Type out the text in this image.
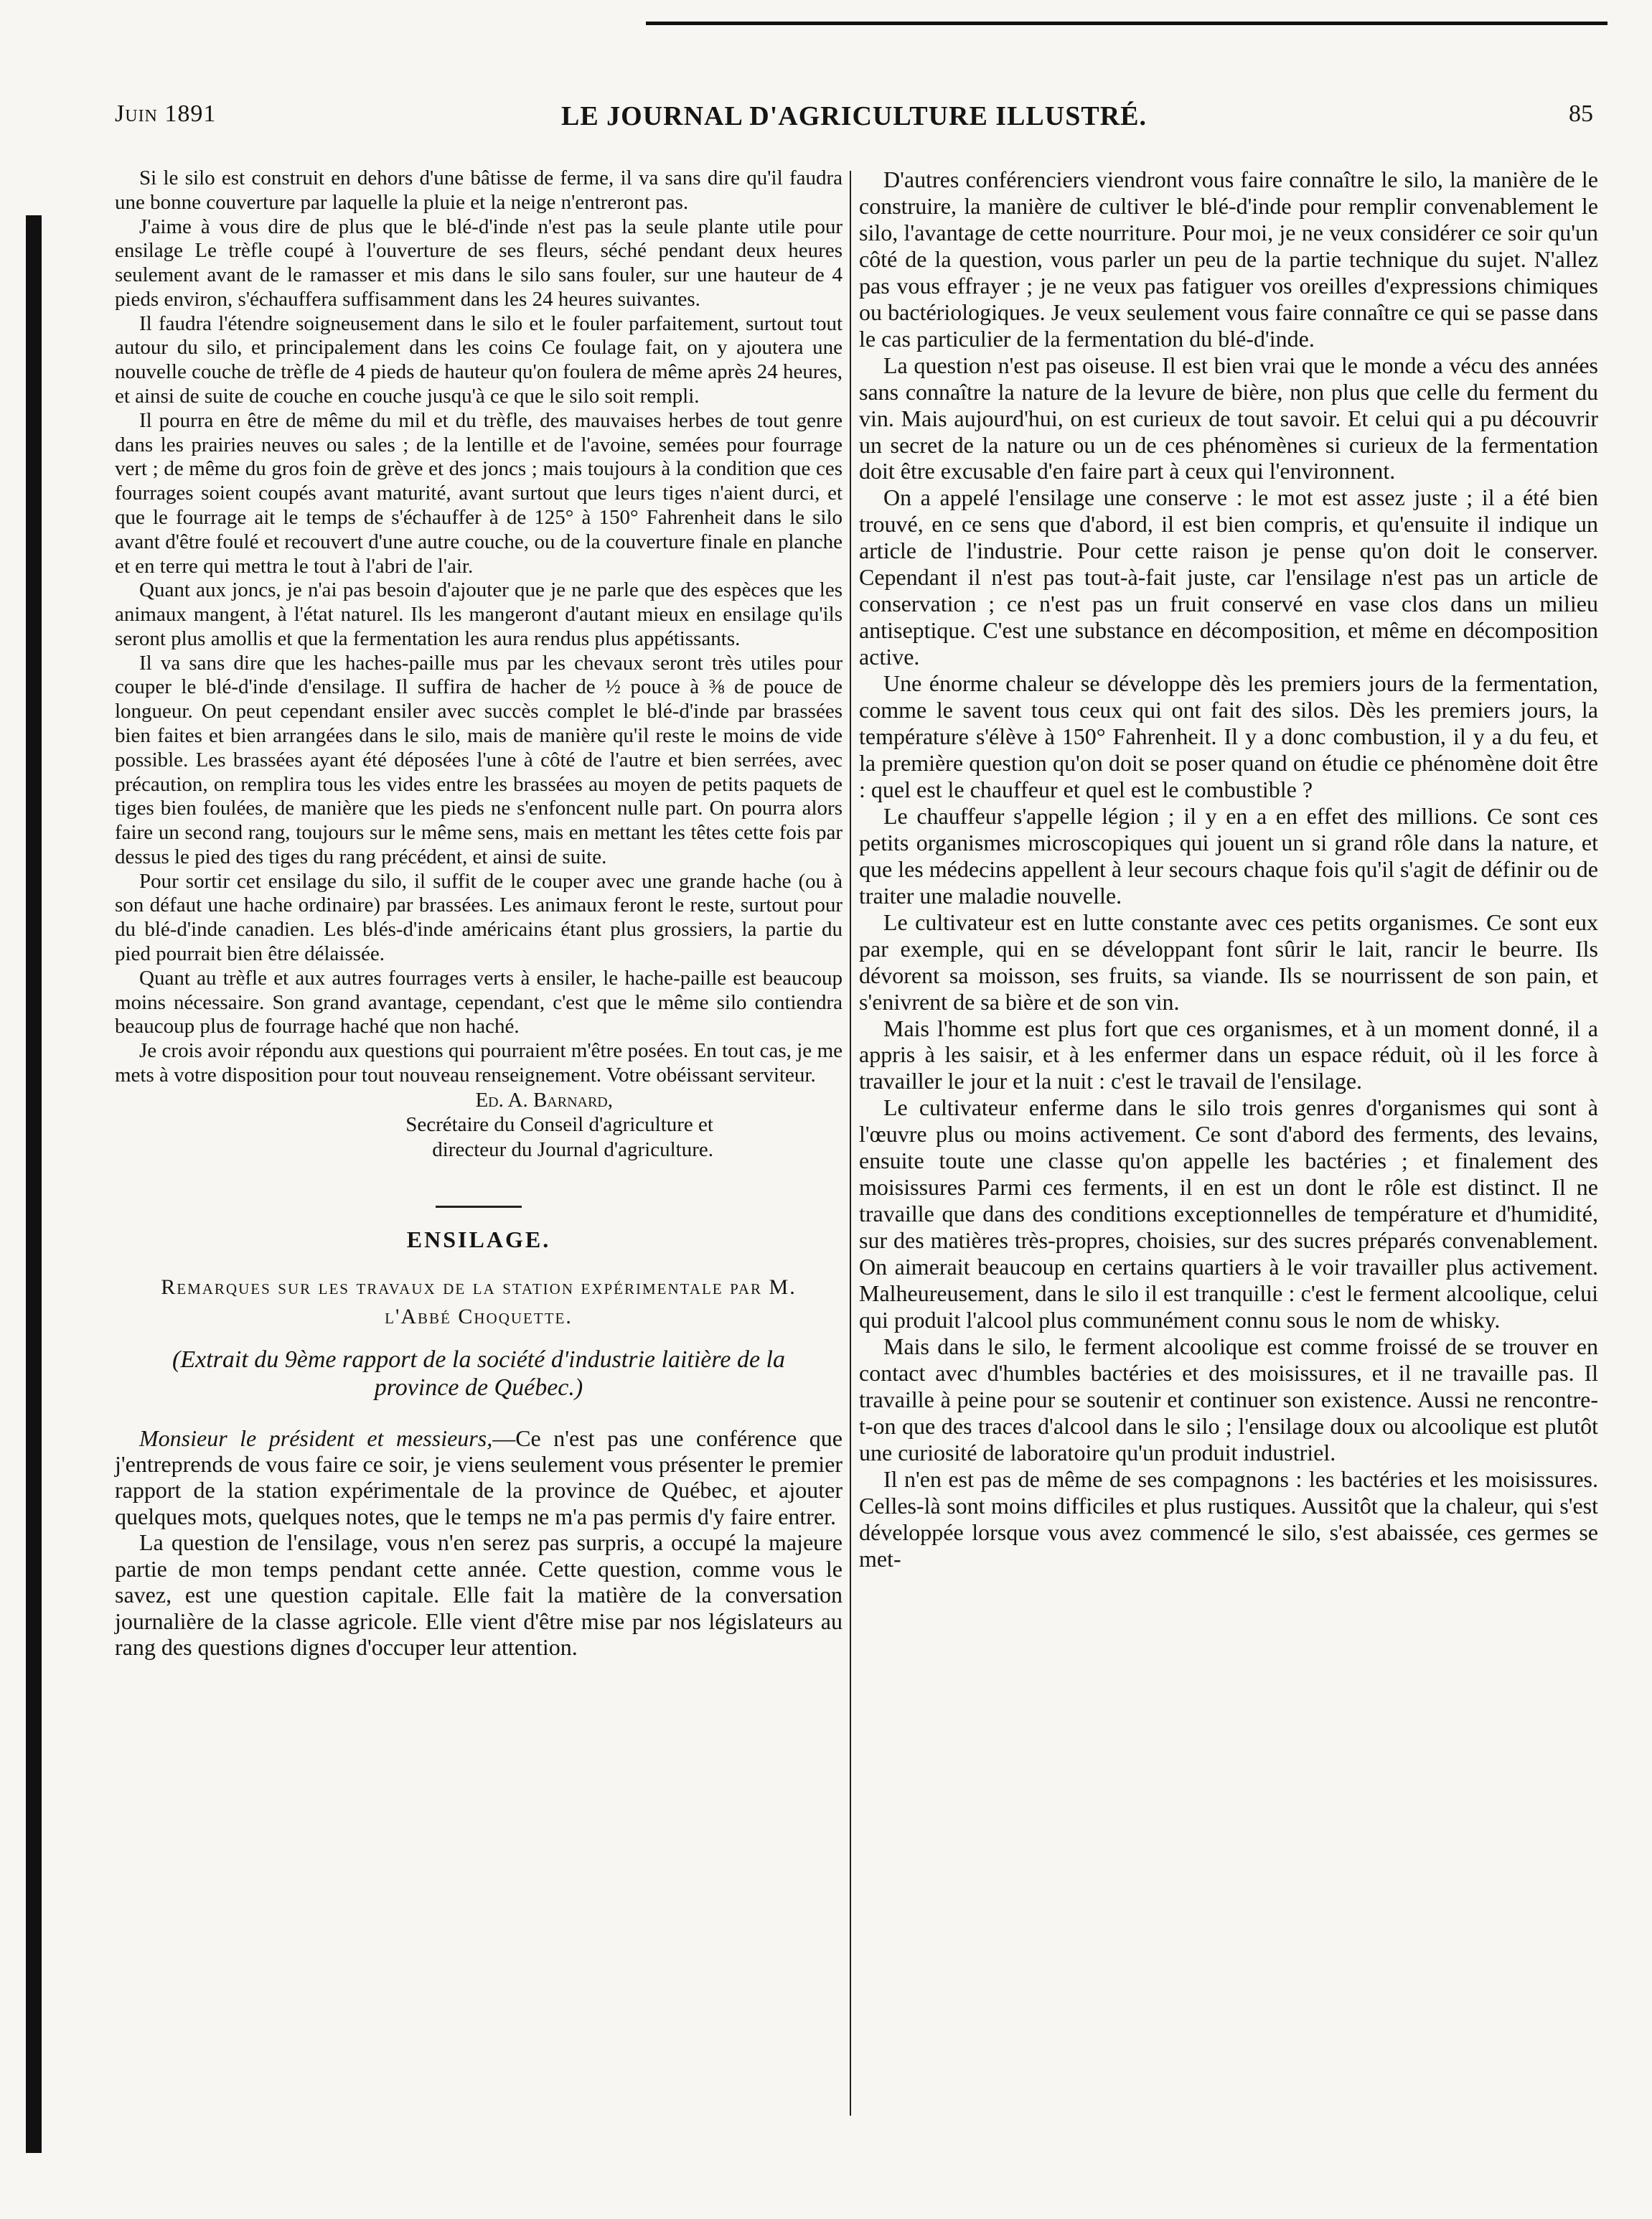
Juin 1891	LE JOURNAL D'AGRICULTURE ILLUSTRÉ.	85

Si le silo est construit en dehors d'une bâtisse de ferme, il va sans dire qu'il faudra une bonne couverture par laquelle la pluie et la neige n'entreront pas.

J'aime à vous dire de plus que le blé-d'inde n'est pas la seule plante utile pour ensilage Le trèfle coupé à l'ouverture de ses fleurs, séché pendant deux heures seulement avant de le ramasser et mis dans le silo sans fouler, sur une hauteur de 4 pieds environ, s'échauffera suffisamment dans les 24 heures suivantes.

Il faudra l'étendre soigneusement dans le silo et le fouler parfaitement, surtout tout autour du silo, et principalement dans les coins Ce foulage fait, on y ajoutera une nouvelle couche de trèfle de 4 pieds de hauteur qu'on foulera de même après 24 heures, et ainsi de suite de couche en couche jusqu'à ce que le silo soit rempli.

Il pourra en être de même du mil et du trèfle, des mauvaises herbes de tout genre dans les prairies neuves ou sales ; de la lentille et de l'avoine, semées pour fourrage vert ; de même du gros foin de grève et des joncs ; mais toujours à la condition que ces fourrages soient coupés avant maturité, avant surtout que leurs tiges n'aient durci, et que le fourrage ait le temps de s'échauffer à de 125° à 150° Fahrenheit dans le silo avant d'être foulé et recouvert d'une autre couche, ou de la couverture finale en planche et en terre qui mettra le tout à l'abri de l'air.

Quant aux joncs, je n'ai pas besoin d'ajouter que je ne parle que des espèces que les animaux mangent, à l'état naturel. Ils les mangeront d'autant mieux en ensilage qu'ils seront plus amollis et que la fermentation les aura rendus plus appétissants.

Il va sans dire que les haches-paille mus par les chevaux seront très utiles pour couper le blé-d'inde d'ensilage. Il suffira de hacher de ½ pouce à ⅜ de pouce de longueur. On peut cependant ensiler avec succès complet le blé-d'inde par brassées bien faites et bien arrangées dans le silo, mais de manière qu'il reste le moins de vide possible. Les brassées ayant été déposées l'une à côté de l'autre et bien serrées, avec précaution, on remplira tous les vides entre les brassées au moyen de petits paquets de tiges bien foulées, de manière que les pieds ne s'enfoncent nulle part. On pourra alors faire un second rang, toujours sur le même sens, mais en mettant les têtes cette fois par dessus le pied des tiges du rang précédent, et ainsi de suite.

Pour sortir cet ensilage du silo, il suffit de le couper avec une grande hache (ou à son défaut une hache ordinaire) par brassées. Les animaux feront le reste, surtout pour du blé-d'inde canadien. Les blés-d'inde américains étant plus grossiers, la partie du pied pourrait bien être délaissée.

Quant au trèfle et aux autres fourrages verts à ensiler, le hache-paille est beaucoup moins nécessaire. Son grand avantage, cependant, c'est que le même silo contiendra beaucoup plus de fourrage haché que non haché.

Je crois avoir répondu aux questions qui pourraient m'être posées. En tout cas, je me mets à votre disposition pour tout nouveau renseignement. Votre obéissant serviteur.

Ed. A. Barnard,
Secrétaire du Conseil d'agriculture et
directeur du Journal d'agriculture.
ENSILAGE.
Remarques sur les travaux de la station expérimentale par M. l'Abbé Choquette.
(Extrait du 9ème rapport de la société d'industrie laitière de la province de Québec.)

Monsieur le président et messieurs,—Ce n'est pas une conférence que j'entreprends de vous faire ce soir, je viens seulement vous présenter le premier rapport de la station expérimentale de la province de Québec, et ajouter quelques mots, quelques notes, que le temps ne m'a pas permis d'y faire entrer.

La question de l'ensilage, vous n'en serez pas surpris, a occupé la majeure partie de mon temps pendant cette année. Cette question, comme vous le savez, est une question capitale. Elle fait la matière de la conversation journalière de la classe agricole. Elle vient d'être mise par nos législateurs au rang des questions dignes d'occuper leur attention.

D'autres conférenciers viendront vous faire connaître le silo, la manière de le construire, la manière de cultiver le blé-d'inde pour remplir convenablement le silo, l'avantage de cette nourriture. Pour moi, je ne veux considérer ce soir qu'un côté de la question, vous parler un peu de la partie technique du sujet. N'allez pas vous effrayer ; je ne veux pas fatiguer vos oreilles d'expressions chimiques ou bactériologiques. Je veux seulement vous faire connaître ce qui se passe dans le cas particulier de la fermentation du blé-d'inde.

La question n'est pas oiseuse. Il est bien vrai que le monde a vécu des années sans connaître la nature de la levure de bière, non plus que celle du ferment du vin. Mais aujourd'hui, on est curieux de tout savoir. Et celui qui a pu découvrir un secret de la nature ou un de ces phénomènes si curieux de la fermentation doit être excusable d'en faire part à ceux qui l'environnent.

On a appelé l'ensilage une conserve : le mot est assez juste ; il a été bien trouvé, en ce sens que d'abord, il est bien compris, et qu'ensuite il indique un article de l'industrie. Pour cette raison je pense qu'on doit le conserver. Cependant il n'est pas tout-à-fait juste, car l'ensilage n'est pas un article de conservation ; ce n'est pas un fruit conservé en vase clos dans un milieu antiseptique. C'est une substance en décomposition, et même en décomposition active.

Une énorme chaleur se développe dès les premiers jours de la fermentation, comme le savent tous ceux qui ont fait des silos. Dès les premiers jours, la température s'élève à 150° Fahrenheit. Il y a donc combustion, il y a du feu, et la première question qu'on doit se poser quand on étudie ce phénomène doit être : quel est le chauffeur et quel est le combustible ?

Le chauffeur s'appelle légion ; il y en a en effet des millions. Ce sont ces petits organismes microscopiques qui jouent un si grand rôle dans la nature, et que les médecins appellent à leur secours chaque fois qu'il s'agit de définir ou de traiter une maladie nouvelle.

Le cultivateur est en lutte constante avec ces petits organismes. Ce sont eux par exemple, qui en se développant font sûrir le lait, rancir le beurre. Ils dévorent sa moisson, ses fruits, sa viande. Ils se nourrissent de son pain, et s'enivrent de sa bière et de son vin.

Mais l'homme est plus fort que ces organismes, et à un moment donné, il a appris à les saisir, et à les enfermer dans un espace réduit, où il les force à travailler le jour et la nuit : c'est le travail de l'ensilage.

Le cultivateur enferme dans le silo trois genres d'organismes qui sont à l'œuvre plus ou moins activement. Ce sont d'abord des ferments, des levains, ensuite toute une classe qu'on appelle les bactéries ; et finalement des moisissures Parmi ces ferments, il en est un dont le rôle est distinct. Il ne travaille que dans des conditions exceptionnelles de température et d'humidité, sur des matières très-propres, choisies, sur des sucres préparés convenablement. On aimerait beaucoup en certains quartiers à le voir travailler plus activement. Malheureusement, dans le silo il est tranquille : c'est le ferment alcoolique, celui qui produit l'alcool plus communément connu sous le nom de whisky.

Mais dans le silo, le ferment alcoolique est comme froissé de se trouver en contact avec d'humbles bactéries et des moisissures, et il ne travaille pas. Il travaille à peine pour se soutenir et continuer son existence. Aussi ne rencontre-t-on que des traces d'alcool dans le silo ; l'ensilage doux ou alcoolique est plutôt une curiosité de laboratoire qu'un produit industriel.

Il n'en est pas de même de ses compagnons : les bactéries et les moisissures. Celles-là sont moins difficiles et plus rustiques. Aussitôt que la chaleur, qui s'est développée lorsque vous avez commencé le silo, s'est abaissée, ces germes se met-
